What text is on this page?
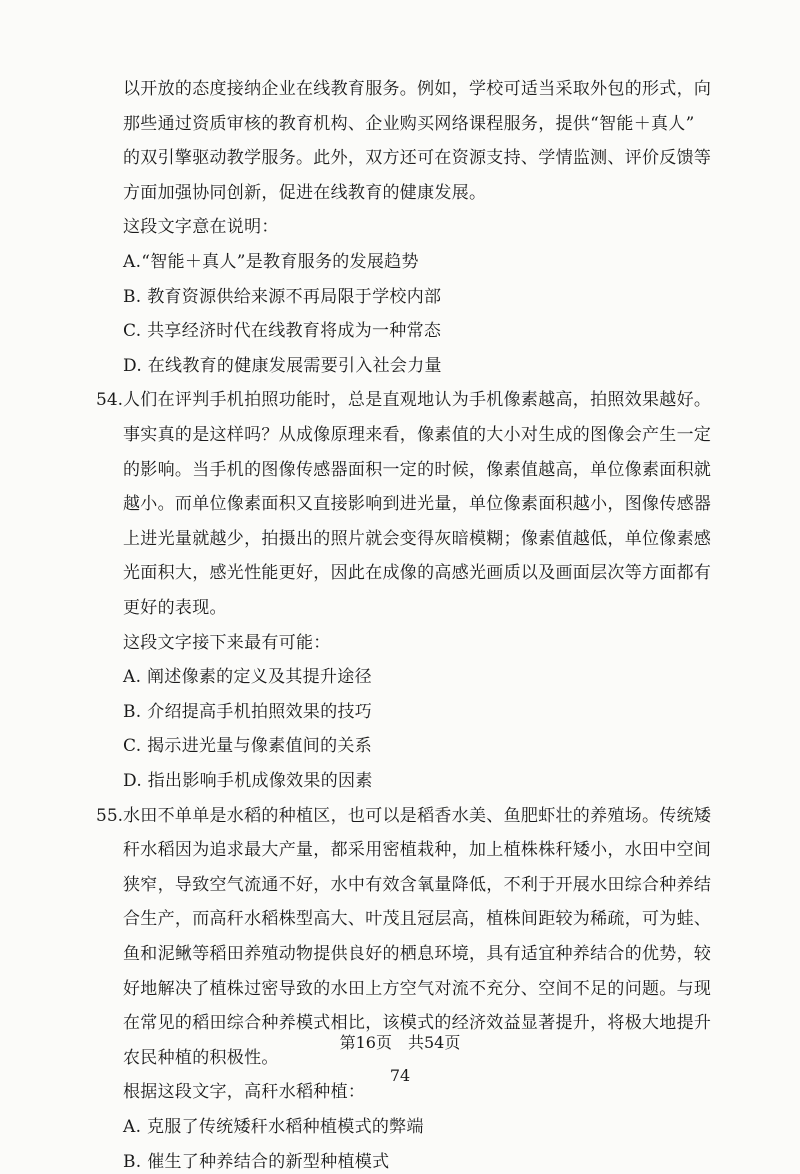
以开放的态度接纳企业在线教育服务。例如，学校可适当采取外包的形式，向
那些通过资质审核的教育机构、企业购买网络课程服务，提供“智能＋真人”
的双引擎驱动教学服务。此外，双方还可在资源支持、学情监测、评价反馈等
方面加强协同创新，促进在线教育的健康发展。
这段文字意在说明：
A.“智能＋真人”是教育服务的发展趋势
B. 教育资源供给来源不再局限于学校内部
C. 共享经济时代在线教育将成为一种常态
D. 在线教育的健康发展需要引入社会力量
54. 人们在评判手机拍照功能时，总是直观地认为手机像素越高，拍照效果越好。
事实真的是这样吗？从成像原理来看，像素值的大小对生成的图像会产生一定
的影响。当手机的图像传感器面积一定的时候，像素值越高，单位像素面积就
越小。而单位像素面积又直接影响到进光量，单位像素面积越小，图像传感器
上进光量就越少，拍摄出的照片就会变得灰暗模糊；像素值越低，单位像素感
光面积大，感光性能更好，因此在成像的高感光画质以及画面层次等方面都有
更好的表现。
这段文字接下来最有可能：
A. 阐述像素的定义及其提升途径
B. 介绍提高手机拍照效果的技巧
C. 揭示进光量与像素值间的关系
D. 指出影响手机成像效果的因素
55. 水田不单单是水稻的种植区，也可以是稻香水美、鱼肥虾壮的养殖场。传统矮
秆水稻因为追求最大产量，都采用密植栽种，加上植株株秆矮小，水田中空间
狭窄，导致空气流通不好，水中有效含氧量降低，不利于开展水田综合种养结
合生产，而高秆水稻株型高大、叶茂且冠层高，植株间距较为稀疏，可为蛙、
鱼和泥鳅等稻田养殖动物提供良好的栖息环境，具有适宜种养结合的优势，较
好地解决了植株过密导致的水田上方空气对流不充分、空间不足的问题。与现
在常见的稻田综合种养模式相比，该模式的经济效益显著提升，将极大地提升
农民种植的积极性。
根据这段文字，高秆水稻种植：
A. 克服了传统矮秆水稻种植模式的弊端
B. 催生了种养结合的新型种植模式
第16页　共54页
74
